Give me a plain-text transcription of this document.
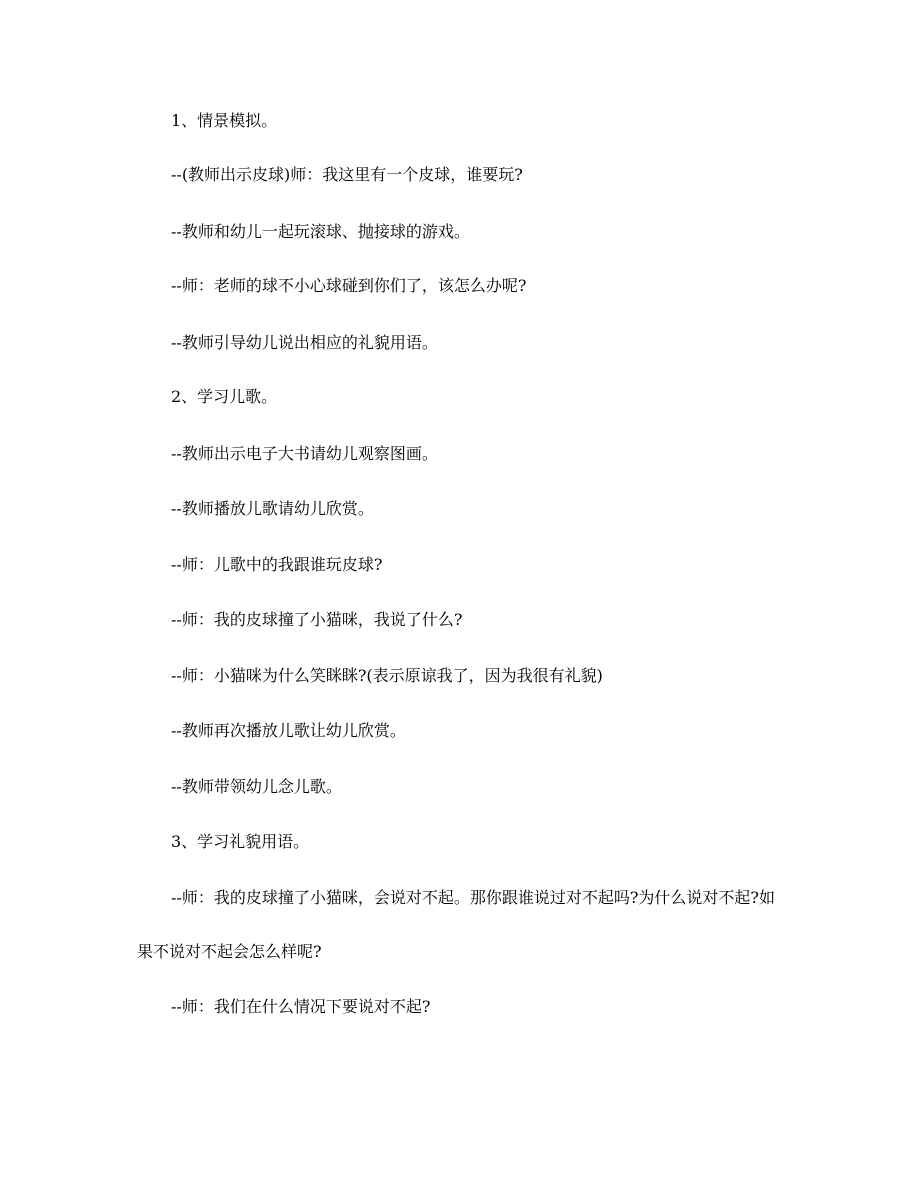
1、情景模拟。

--(教师出示皮球)师：我这里有一个皮球，谁要玩?

--教师和幼儿一起玩滚球、抛接球的游戏。

--师：老师的球不小心球碰到你们了，该怎么办呢?

--教师引导幼儿说出相应的礼貌用语。

2、学习儿歌。

--教师出示电子大书请幼儿观察图画。

--教师播放儿歌请幼儿欣赏。

--师：儿歌中的我跟谁玩皮球?

--师：我的皮球撞了小猫咪，我说了什么?

--师：小猫咪为什么笑眯眯?(表示原谅我了，因为我很有礼貌)

--教师再次播放儿歌让幼儿欣赏。

--教师带领幼儿念儿歌。

3、学习礼貌用语。

--师：我的皮球撞了小猫咪，会说对不起。那你跟谁说过对不起吗?为什么说对不起?如果不说对不起会怎么样呢?

--师：我们在什么情况下要说对不起?
